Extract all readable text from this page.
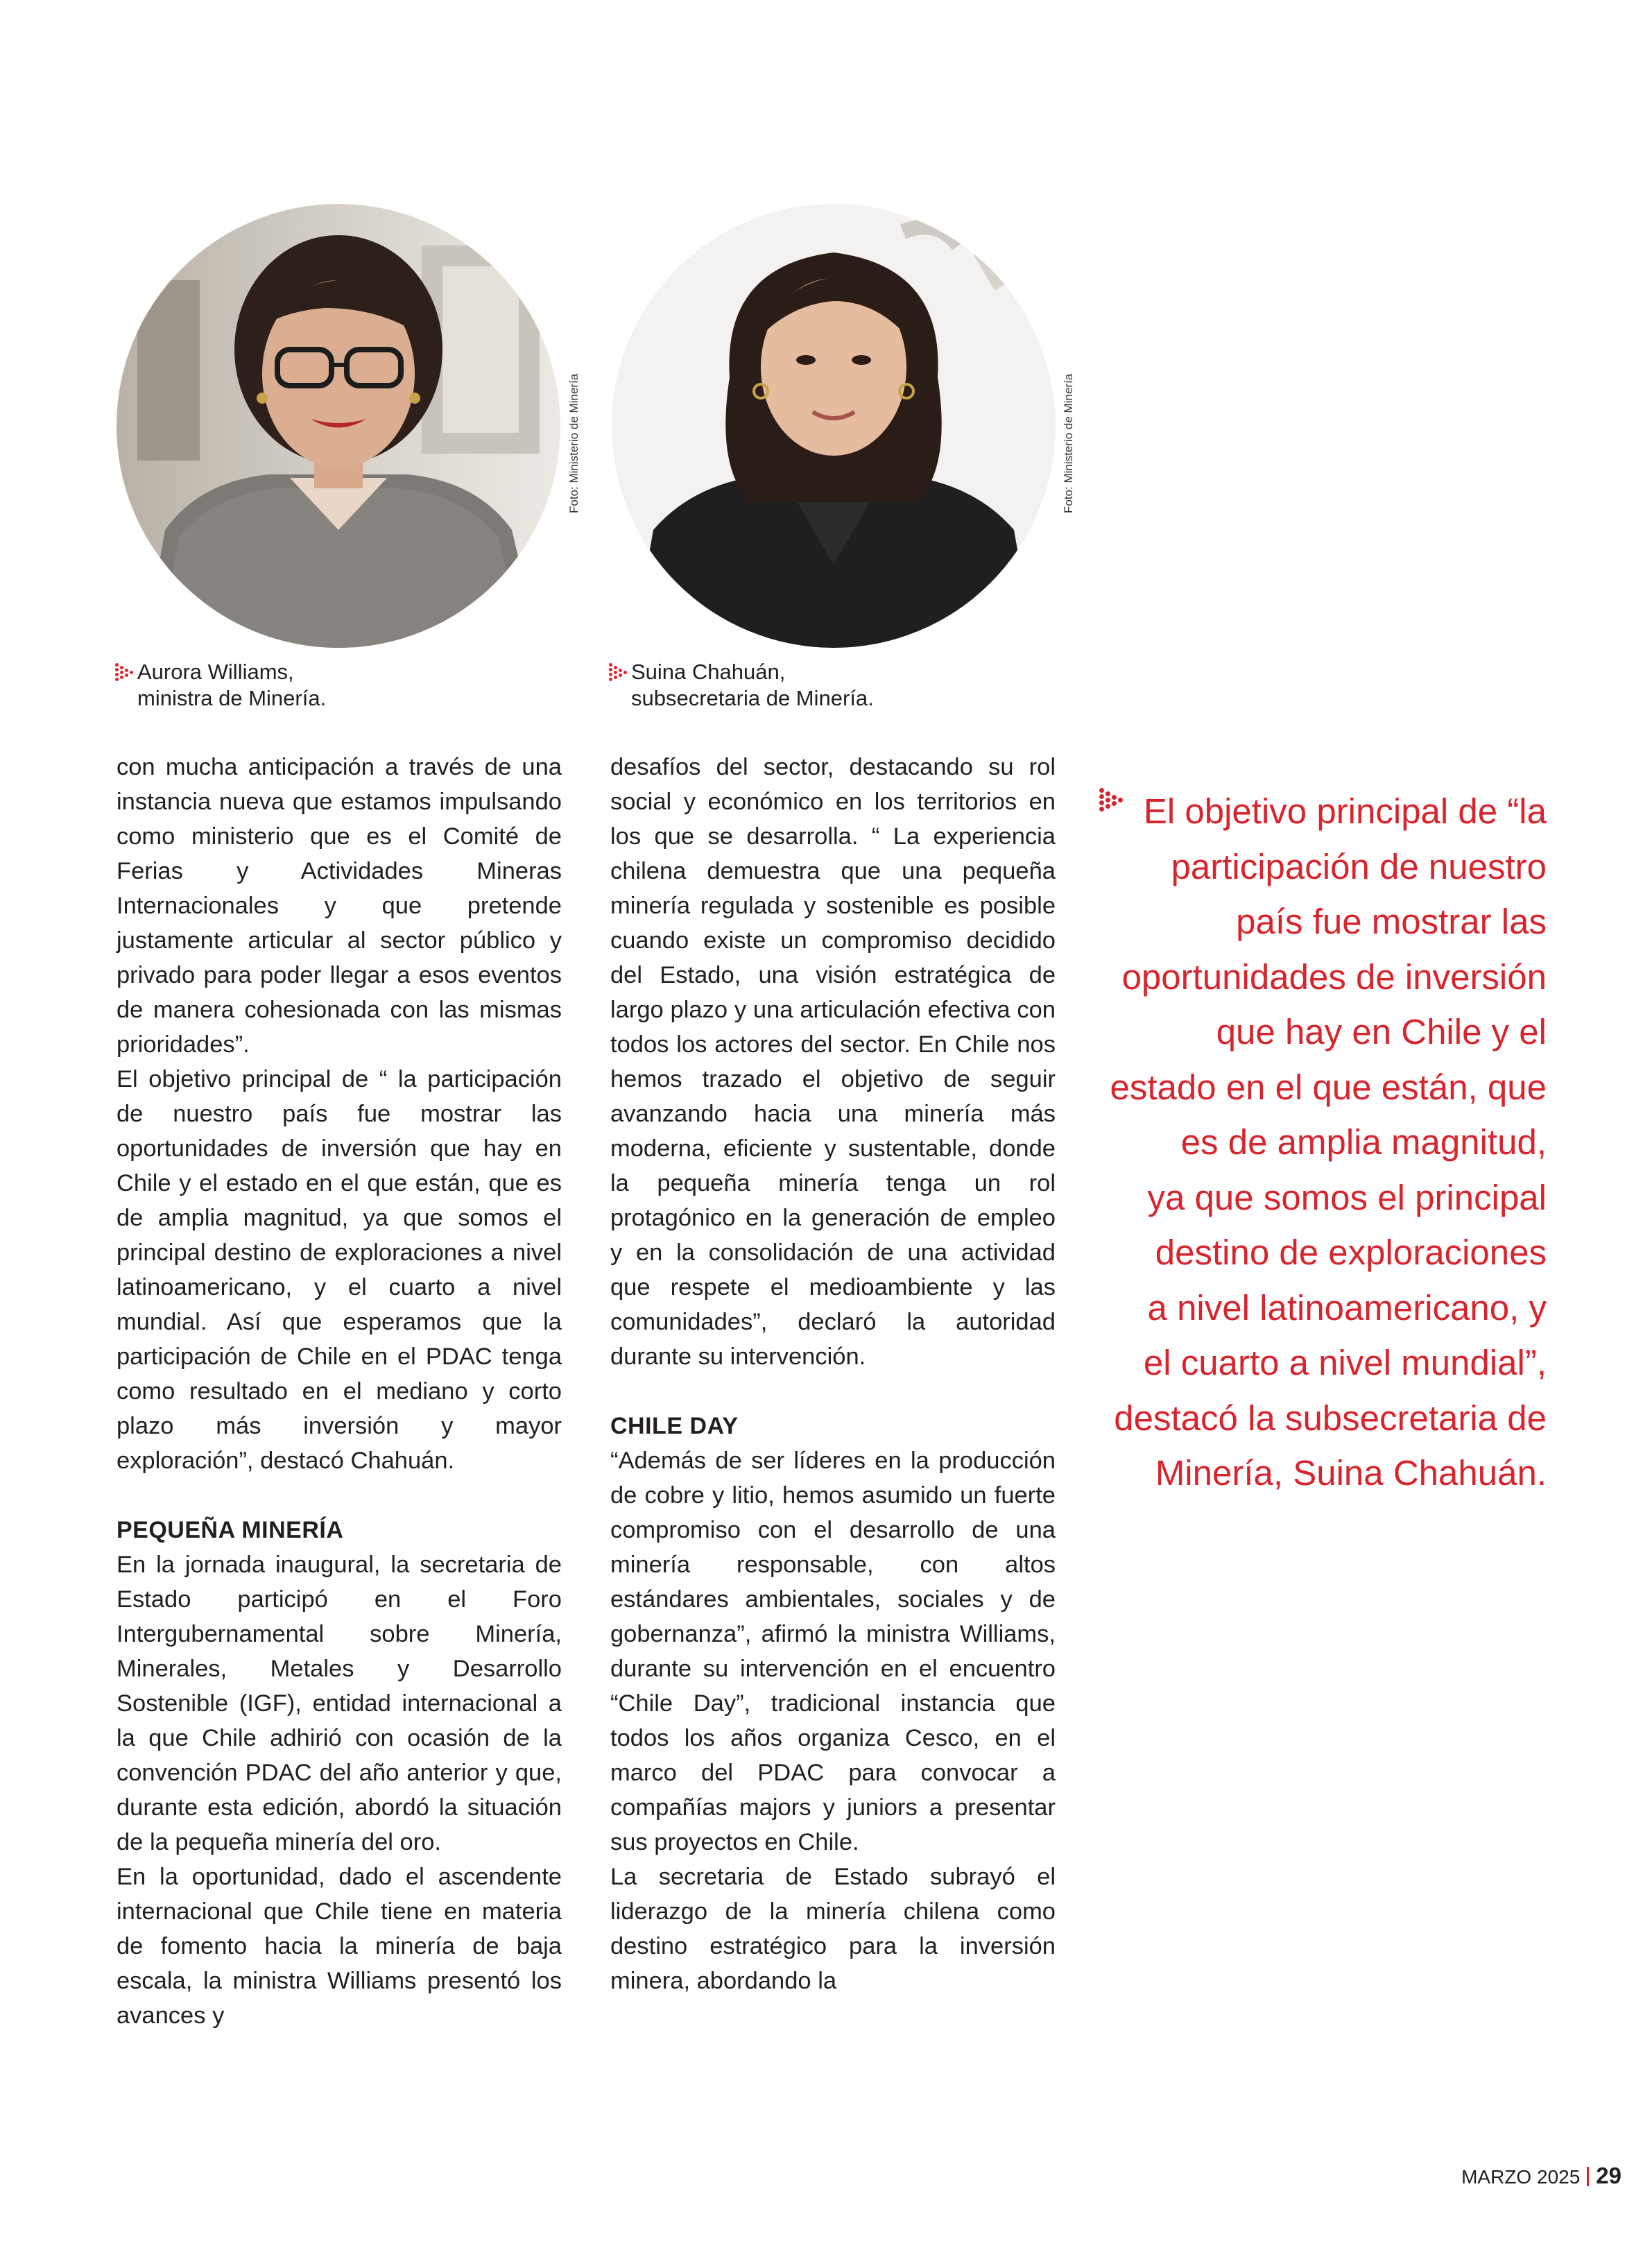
Foto: Ministerio de Minería	Foto: Ministerio de Minería
Aurora Williams,
ministra de Minería.
Suina Chahuán,
subsecretaria de Minería.

con mucha anticipación a través de una instancia nueva que estamos impulsando como ministerio que es el Comité de Ferias y Actividades Mineras Internacionales y que pretende justamente articular al sector público y privado para poder llegar a esos eventos de manera cohesionada con las mismas prioridades”.

El objetivo principal de “ la participación de nuestro país fue mostrar las oportunidades de inversión que hay en Chile y el estado en el que están, que es de amplia magnitud, ya que somos el principal destino de exploraciones a nivel latinoamericano, y el cuarto a nivel mundial. Así que esperamos que la participación de Chile en el PDAC tenga como resultado en el mediano y corto plazo más inversión y mayor exploración”, destacó Chahuán.

PEQUEÑA MINERÍA

En la jornada inaugural, la secretaria de Estado participó en el Foro Intergubernamental sobre Minería, Minerales, Metales y Desarrollo Sostenible (IGF), entidad internacional a la que Chile adhirió con ocasión de la convención PDAC del año anterior y que, durante esta edición, abordó la situación de la pequeña minería del oro.

En la oportunidad, dado el ascendente internacional que Chile tiene en materia de fomento hacia la minería de baja escala, la ministra Williams presentó los avances y

desafíos del sector, destacando su rol social y económico en los territorios en los que se desarrolla. “ La experiencia chilena demuestra que una pequeña minería regulada y sostenible es posible cuando existe un compromiso decidido del Estado, una visión estratégica de largo plazo y una articulación efectiva con todos los actores del sector. En Chile nos hemos trazado el objetivo de seguir avanzando hacia una minería más moderna, eficiente y sustentable, donde la pequeña minería tenga un rol protagónico en la generación de empleo y en la consolidación de una actividad que respete el medioambiente y las comunidades”, declaró la autoridad durante su intervención.

CHILE DAY

“Además de ser líderes en la producción de cobre y litio, hemos asumido un fuerte compromiso con el desarrollo de una minería responsable, con altos estándares ambientales, sociales y de gobernanza”, afirmó la ministra Williams, durante su intervención en el encuentro “Chile Day”, tradicional instancia que todos los años organiza Cesco, en el marco del PDAC para convocar a compañías majors y juniors a presentar sus proyectos en Chile.

La secretaria de Estado subrayó el liderazgo de la minería chilena como destino estratégico para la inversión minera, abordando la

El objetivo principal de “la
participación de nuestro
país fue mostrar las
oportunidades de inversión
que hay en Chile y el
estado en el que están, que
es de amplia magnitud,
ya que somos el principal
destino de exploraciones
a nivel latinoamericano, y
el cuarto a nivel mundial”,
destacó la subsecretaria de
Minería, Suina Chahuán.
MARZO 2025 29
